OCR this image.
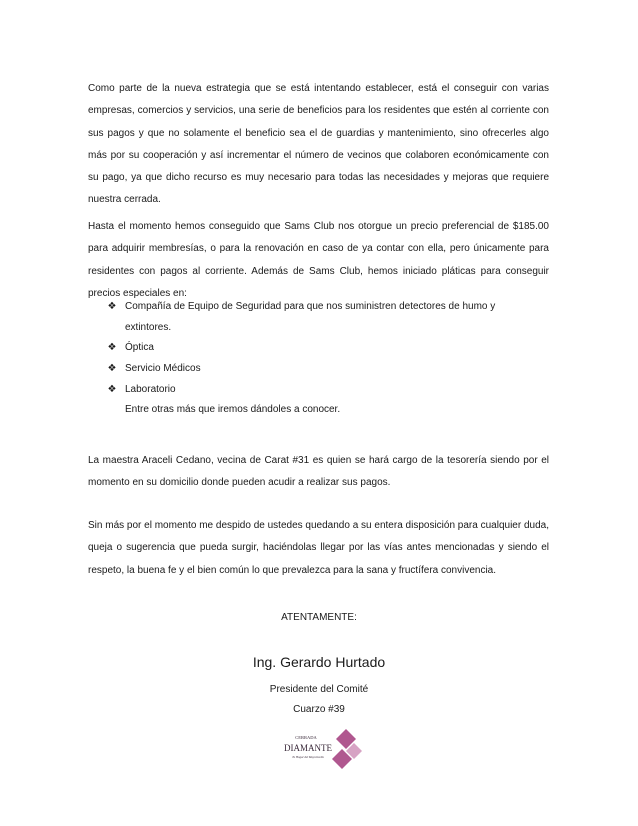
Como parte de la nueva estrategia que se está intentando establecer, está el conseguir con varias empresas, comercios y servicios, una serie de beneficios para los residentes que estén al corriente con sus pagos y que no solamente el beneficio sea el de guardias y mantenimiento, sino ofrecerles algo más por su cooperación y así incrementar el número de vecinos que colaboren económicamente con su pago, ya que dicho recurso es muy necesario para todas las necesidades y mejoras que requiere nuestra cerrada.

Hasta el momento hemos conseguido que Sams Club nos otorgue un precio preferencial de $185.00 para adquirir membresías, o para la renovación en caso de ya contar con ella, pero únicamente para residentes con pagos al corriente. Además de Sams Club, hemos iniciado pláticas para conseguir precios especiales en:

❖ Compañía de Equipo de Seguridad para que nos suministren detectores de humo y extintores.
❖ Óptica
❖ Servicio Médicos
❖ Laboratorio
Entre otras más que iremos dándoles a conocer.

La maestra Araceli Cedano, vecina de Carat #31 es quien se hará cargo de la tesorería siendo por el momento en su domicilio donde pueden acudir a realizar sus pagos.

Sin más por el momento me despido de ustedes quedando a su entera disposición para cualquier duda, queja o sugerencia que pueda surgir, haciéndolas llegar por las vías antes mencionadas y siendo el respeto, la buena fe y el bien común lo que prevalezca para la sana y fructífera convivencia.

ATENTAMENTE:
Ing. Gerardo Hurtado
Presidente del Comité
Cuarzo #39
CERRADA
DIAMANTE
Tu Hogar del Mayoresella
